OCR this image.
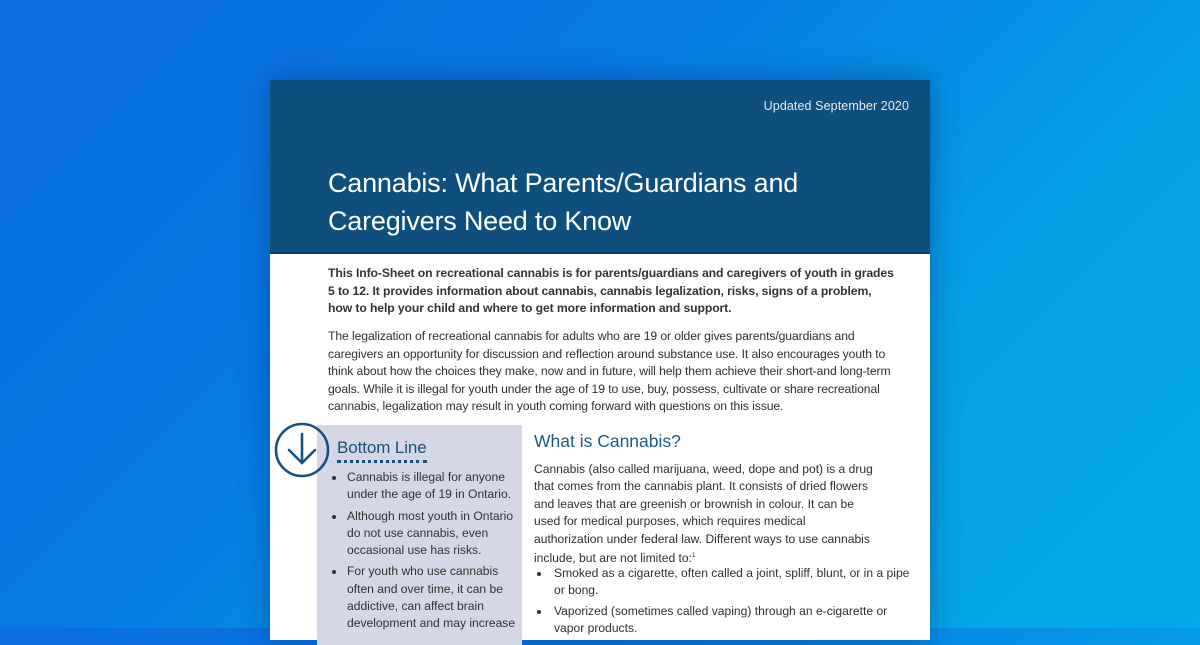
Updated September 2020
Cannabis: What Parents/Guardians and
Caregivers Need to Know

This Info-Sheet on recreational cannabis is for parents/guardians and caregivers of youth in grades 5 to 12. It provides information about cannabis, cannabis legalization, risks, signs of a problem, how to help your child and where to get more information and support.

The legalization of recreational cannabis for adults who are 19 or older gives parents/guardians and caregivers an opportunity for discussion and reflection around substance use. It also encourages youth to think about how the choices they make, now and in future, will help them achieve their short-and long-term goals. While it is illegal for youth under the age of 19 to use, buy, possess, cultivate or share recreational cannabis, legalization may result in youth coming forward with questions on this issue.

Bottom Line
Cannabis is illegal for anyone under the age of 19 in Ontario.
Although most youth in Ontario do not use cannabis, even occasional use has risks.
For youth who use cannabis often and over time, it can be addictive, can affect brain development and may increase
What is Cannabis?

Cannabis (also called marijuana, weed, dope and pot) is a drug that comes from the cannabis plant. It consists of dried flowers and leaves that are greenish or brownish in colour. It can be used for medical purposes, which requires medical authorization under federal law. Different ways to use cannabis include, but are not limited to:$^1$

Smoked as a cigarette, often called a joint, spliff, blunt, or in a pipe or bong.
Vaporized (sometimes called vaping) through an e-cigarette or vapor products.
